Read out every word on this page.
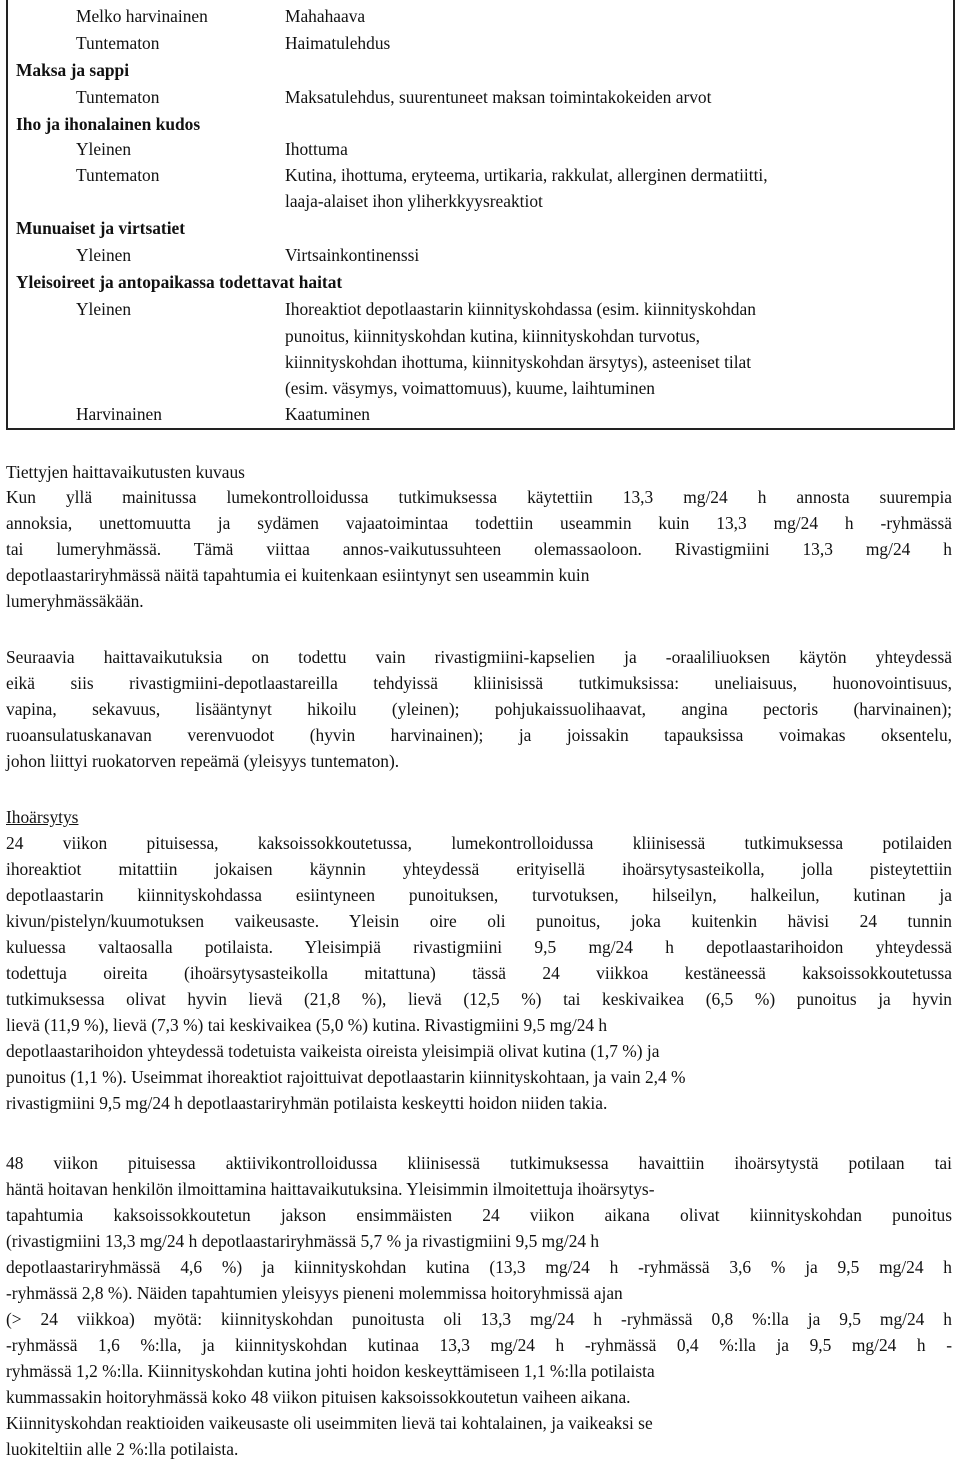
Melko harvinainen	Mahahaava
Tuntematon	Haimatulehdus
Maksa ja sappi
Tuntematon	Maksatulehdus, suurentuneet maksan toimintakokeiden arvot
Iho ja ihonalainen kudos
Yleinen	Ihottuma
Tuntematon	Kutina, ihottuma, eryteema, urtikaria, rakkulat, allerginen dermatiitti,
laaja-alaiset ihon yliherkkyysreaktiot
Munuaiset ja virtsatiet
Yleinen	Virtsainkontinenssi
Yleisoireet ja antopaikassa todettavat haitat
Yleinen	Ihoreaktiot depotlaastarin kiinnityskohdassa (esim. kiinnityskohdan
punoitus, kiinnityskohdan kutina, kiinnityskohdan turvotus,
kiinnityskohdan ihottuma, kiinnityskohdan ärsytys), asteeniset tilat
(esim. väsymys, voimattomuus), kuume, laihtuminen
Harvinainen	Kaatuminen
Tiettyjen haittavaikutusten kuvaus
Kun yllä mainitussa lumekontrolloidussa tutkimuksessa käytettiin 13,3 mg/24 h annosta suurempia
annoksia, unettomuutta ja sydämen vajaatoimintaa todettiin useammin kuin 13,3 mg/24 h -ryhmässä
tai lumeryhmässä. Tämä viittaa annos-vaikutussuhteen olemassaoloon. Rivastigmiini 13,3 mg/24 h
depotlaastariryhmässä näitä tapahtumia ei kuitenkaan esiintynyt sen useammin kuin
lumeryhmässäkään.
Seuraavia haittavaikutuksia on todettu vain rivastigmiini-kapselien ja -oraaliliuoksen käytön yhteydessä
eikä siis rivastigmiini-depotlaastareilla tehdyissä kliinisissä tutkimuksissa: uneliaisuus, huonovointisuus,
vapina, sekavuus, lisääntynyt hikoilu (yleinen); pohjukaissuolihaavat, angina pectoris (harvinainen);
ruoansulatuskanavan verenvuodot (hyvin harvinainen); ja joissakin tapauksissa voimakas oksentelu,
johon liittyi ruokatorven repeämä (yleisyys tuntematon).
Ihoärsytys
24 viikon pituisessa, kaksoissokkoutetussa, lumekontrolloidussa kliinisessä tutkimuksessa potilaiden
ihoreaktiot mitattiin jokaisen käynnin yhteydessä erityisellä ihoärsytysasteikolla, jolla pisteytettiin
depotlaastarin kiinnityskohdassa esiintyneen punoituksen, turvotuksen, hilseilyn, halkeilun, kutinan ja
kivun/pistelyn/kuumotuksen vaikeusaste. Yleisin oire oli punoitus, joka kuitenkin hävisi 24 tunnin
kuluessa valtaosalla potilaista. Yleisimpiä rivastigmiini 9,5 mg/24 h depotlaastarihoidon yhteydessä
todettuja oireita (ihoärsytysasteikolla mitattuna) tässä 24 viikkoa kestäneessä kaksoissokkoutetussa
tutkimuksessa olivat hyvin lievä (21,8 %), lievä (12,5 %) tai keskivaikea (6,5 %) punoitus ja hyvin
lievä (11,9 %), lievä (7,3 %) tai keskivaikea (5,0 %) kutina. Rivastigmiini 9,5 mg/24 h
depotlaastarihoidon yhteydessä todetuista vaikeista oireista yleisimpiä olivat kutina (1,7 %) ja
punoitus (1,1 %). Useimmat ihoreaktiot rajoittuivat depotlaastarin kiinnityskohtaan, ja vain 2,4 %
rivastigmiini 9,5 mg/24 h depotlaastariryhmän potilaista keskeytti hoidon niiden takia.
48 viikon pituisessa aktiivikontrolloidussa kliinisessä tutkimuksessa havaittiin ihoärsytystä potilaan tai
häntä hoitavan henkilön ilmoittamina haittavaikutuksina. Yleisimmin ilmoitettuja ihoärsytys-
tapahtumia kaksoissokkoutetun jakson ensimmäisten 24 viikon aikana olivat kiinnityskohdan punoitus
(rivastigmiini 13,3 mg/24 h depotlaastariryhmässä 5,7 % ja rivastigmiini 9,5 mg/24 h
depotlaastariryhmässä 4,6 %) ja kiinnityskohdan kutina (13,3 mg/24 h -ryhmässä 3,6 % ja 9,5 mg/24 h
-ryhmässä 2,8 %). Näiden tapahtumien yleisyys pieneni molemmissa hoitoryhmissä ajan
(> 24 viikkoa) myötä: kiinnityskohdan punoitusta oli 13,3 mg/24 h -ryhmässä 0,8 %:lla ja 9,5 mg/24 h
-ryhmässä 1,6 %:lla, ja kiinnityskohdan kutinaa 13,3 mg/24 h -ryhmässä 0,4 %:lla ja 9,5 mg/24 h -
ryhmässä 1,2 %:lla. Kiinnityskohdan kutina johti hoidon keskeyttämiseen 1,1 %:lla potilaista
kummassakin hoitoryhmässä koko 48 viikon pituisen kaksoissokkoutetun vaiheen aikana.
Kiinnityskohdan reaktioiden vaikeusaste oli useimmiten lievä tai kohtalainen, ja vaikeaksi se
luokiteltiin alle 2 %:lla potilaista.
